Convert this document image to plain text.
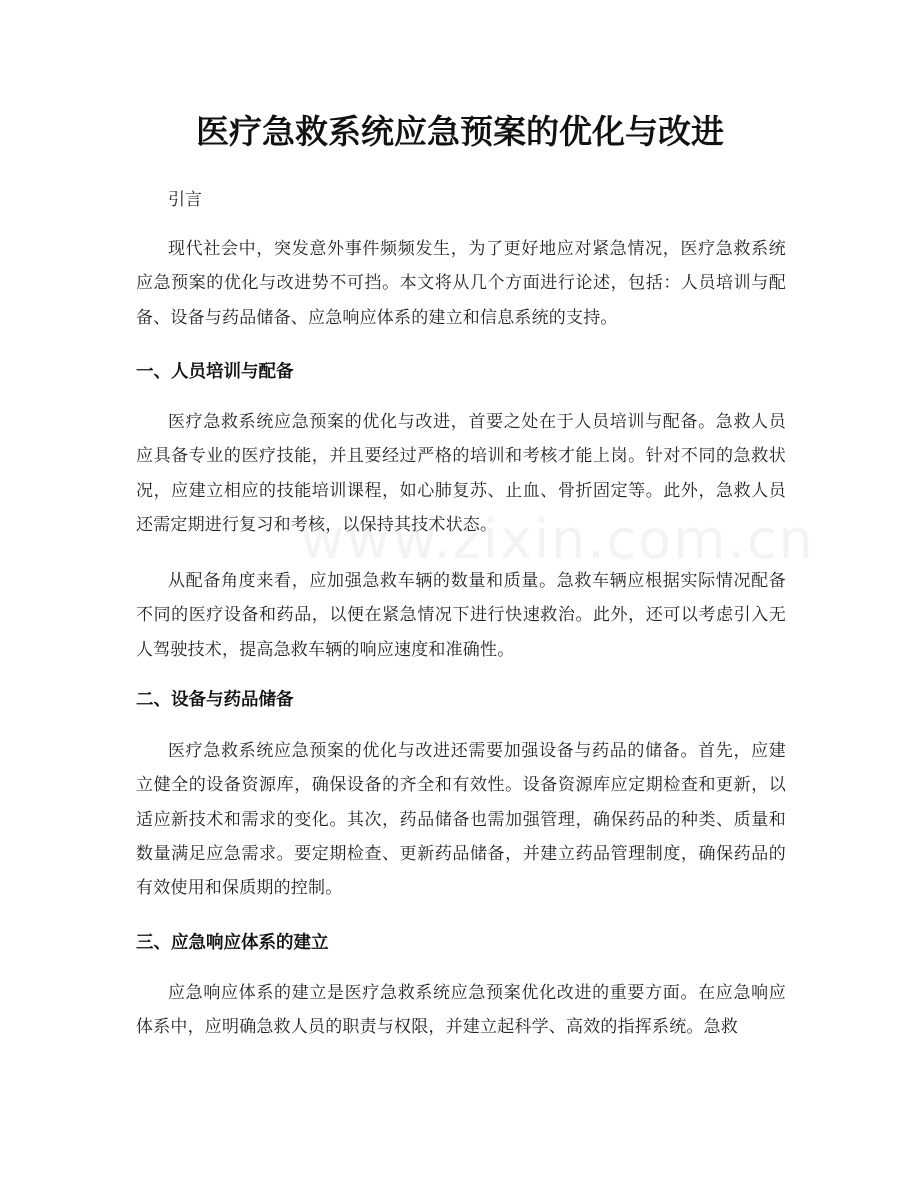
医疗急救系统应急预案的优化与改进
引言
现代社会中，突发意外事件频频发生，为了更好地应对紧急情况，医疗急救系统应急预案的优化与改进势不可挡。本文将从几个方面进行论述，包括：人员培训与配备、设备与药品储备、应急响应体系的建立和信息系统的支持。
一、人员培训与配备
医疗急救系统应急预案的优化与改进，首要之处在于人员培训与配备。急救人员应具备专业的医疗技能，并且要经过严格的培训和考核才能上岗。针对不同的急救状况，应建立相应的技能培训课程，如心肺复苏、止血、骨折固定等。此外，急救人员还需定期进行复习和考核，以保持其技术状态。
从配备角度来看，应加强急救车辆的数量和质量。急救车辆应根据实际情况配备不同的医疗设备和药品，以便在紧急情况下进行快速救治。此外，还可以考虑引入无人驾驶技术，提高急救车辆的响应速度和准确性。
二、设备与药品储备
医疗急救系统应急预案的优化与改进还需要加强设备与药品的储备。首先，应建立健全的设备资源库，确保设备的齐全和有效性。设备资源库应定期检查和更新，以适应新技术和需求的变化。其次，药品储备也需加强管理，确保药品的种类、质量和数量满足应急需求。要定期检查、更新药品储备，并建立药品管理制度，确保药品的有效使用和保质期的控制。
三、应急响应体系的建立
应急响应体系的建立是医疗急救系统应急预案优化改进的重要方面。在应急响应体系中，应明确急救人员的职责与权限，并建立起科学、高效的指挥系统。急救
